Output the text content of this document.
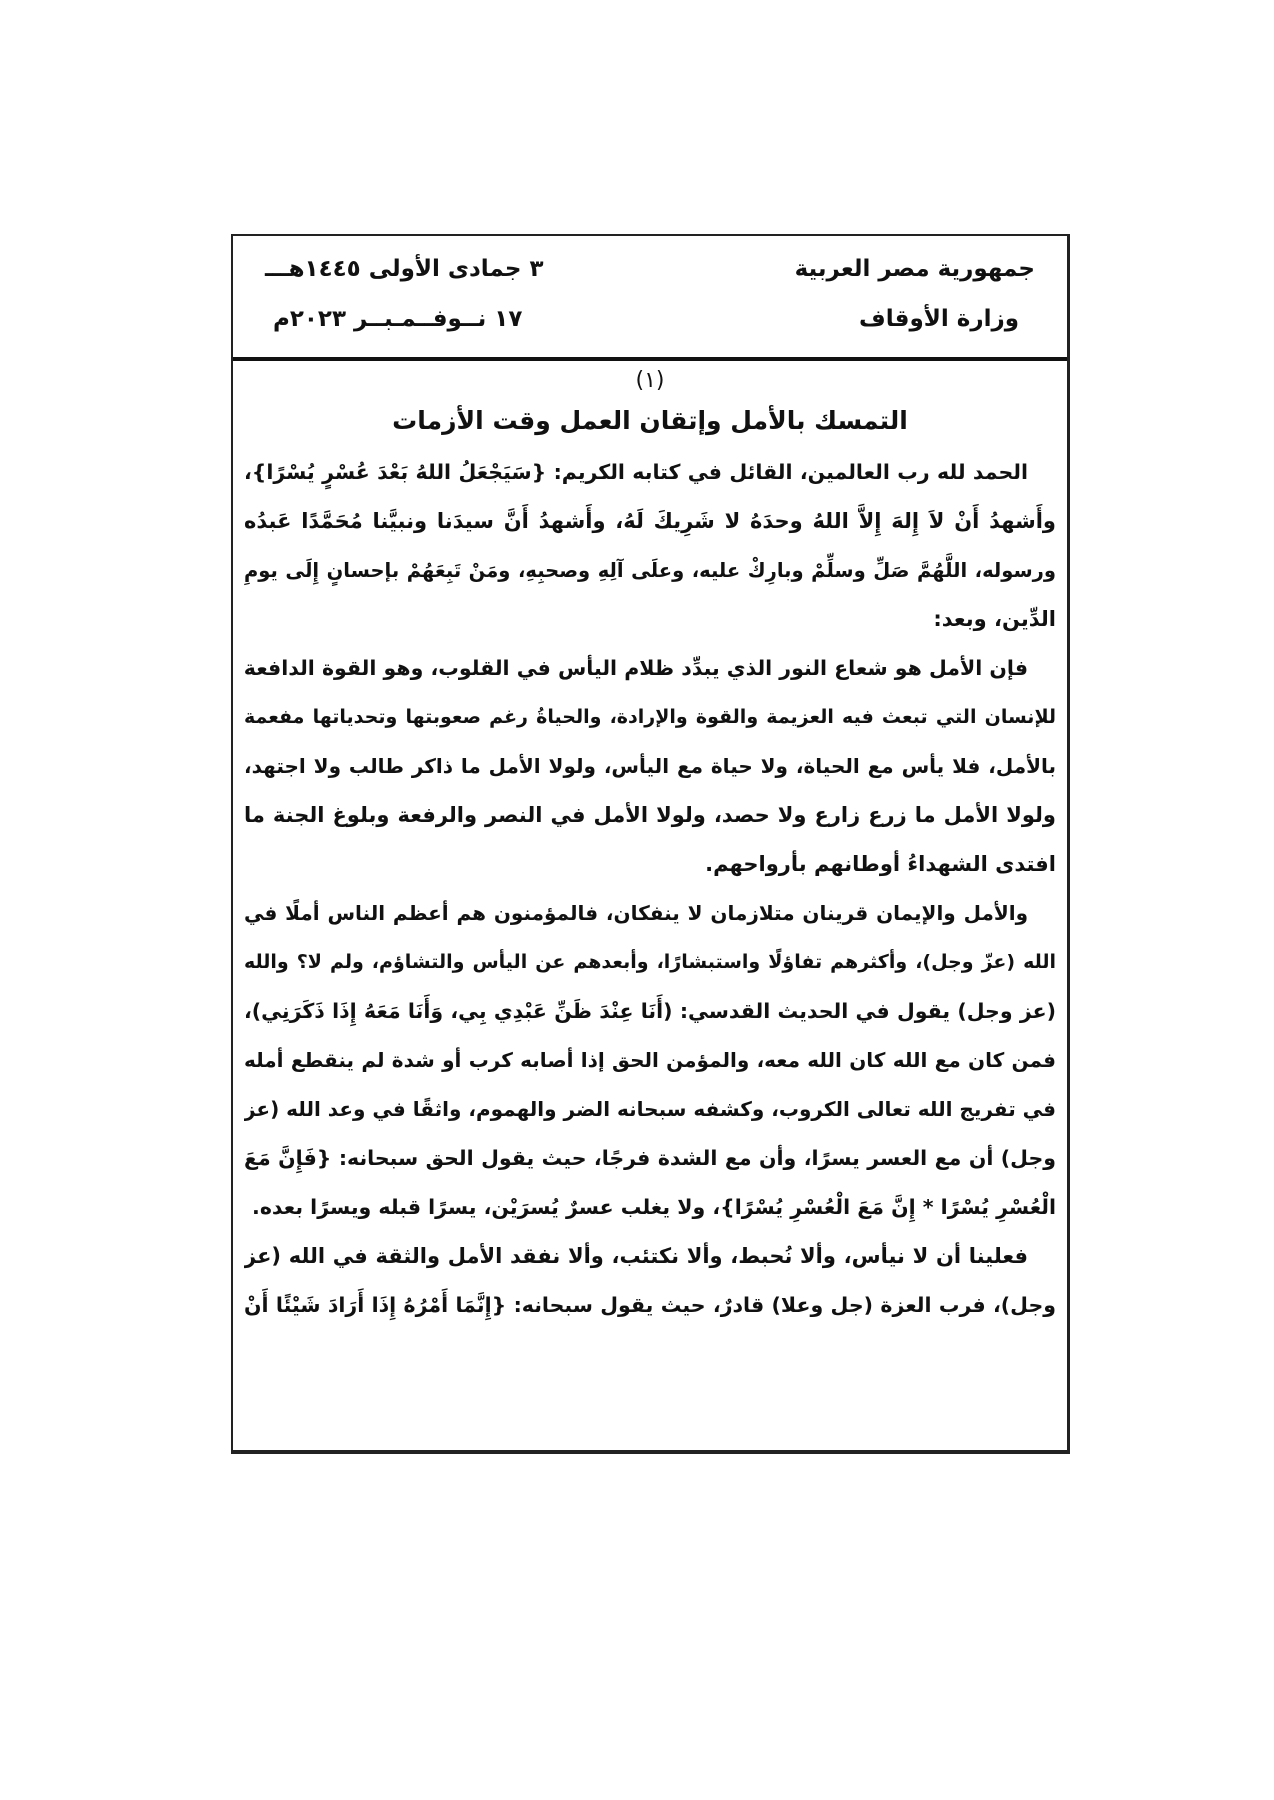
جمهورية مصر العربية
وزارة الأوقاف
٣ جمادى الأولى ١٤٤٥هـــ
١٧ نــوفــمـبــر ٢٠٢٣م
(١)
التمسك بالأمل وإتقان العمل وقت الأزمات
الحمد لله رب العالمين، القائل في كتابه الكريم: {سَيَجْعَلُ اللهُ بَعْدَ عُسْرٍ يُسْرًا}،
وأَشهدُ أَنْ لاَ إِلهَ إِلاَّ اللهُ وحدَهُ لا شَرِيكَ لَهُ، وأَشهدُ أَنَّ سيدَنا ونبيَّنا مُحَمَّدًا عَبدُه
ورسوله، اللَّهُمَّ صَلِّ وسلِّمْ وبارِكْ عليه، وعلَى آلِهِ وصحبِهِ، ومَنْ تَبِعَهُمْ بإحسانٍ إِلَى يومِ
الدِّين، وبعد:
فإن الأمل هو شعاع النور الذي يبدِّد ظلام اليأس في القلوب، وهو القوة الدافعة
للإنسان التي تبعث فيه العزيمة والقوة والإرادة، والحياةُ رغم صعوبتها وتحدياتها مفعمة
بالأمل، فلا يأس مع الحياة، ولا حياة مع اليأس، ولولا الأمل ما ذاكر طالب ولا اجتهد،
ولولا الأمل ما زرع زارع ولا حصد، ولولا الأمل في النصر والرفعة وبلوغ الجنة ما
افتدى الشهداءُ أوطانهم بأرواحهم.
والأمل والإيمان قرينان متلازمان لا ينفكان، فالمؤمنون هم أعظم الناس أملًا في
الله (عزّ وجل)، وأكثرهم تفاؤلًا واستبشارًا، وأبعدهم عن اليأس والتشاؤم، ولم لا؟ والله
(عز وجل) يقول في الحديث القدسي: (أَنَا عِنْدَ ظَنِّ عَبْدِي بِي، وَأَنَا مَعَهُ إِذَا ذَكَرَنِي)،
فمن كان مع الله كان الله معه، والمؤمن الحق إذا أصابه كرب أو شدة لم ينقطع أمله
في تفريج الله تعالى الكروب، وكشفه سبحانه الضر والهموم، واثقًا في وعد الله (عز
وجل) أن مع العسر يسرًا، وأن مع الشدة فرجًا، حيث يقول الحق سبحانه: {فَإِنَّ مَعَ
الْعُسْرِ يُسْرًا * إِنَّ مَعَ الْعُسْرِ يُسْرًا}، ولا يغلب عسرٌ يُسرَيْن، يسرًا قبله ويسرًا بعده.
فعلينا أن لا نيأس، وألا نُحبط، وألا نكتئب، وألا نفقد الأمل والثقة في الله (عز
وجل)، فرب العزة (جل وعلا) قادرٌ، حيث يقول سبحانه: {إِنَّمَا أَمْرُهُ إِذَا أَرَادَ شَيْئًا أَنْ
